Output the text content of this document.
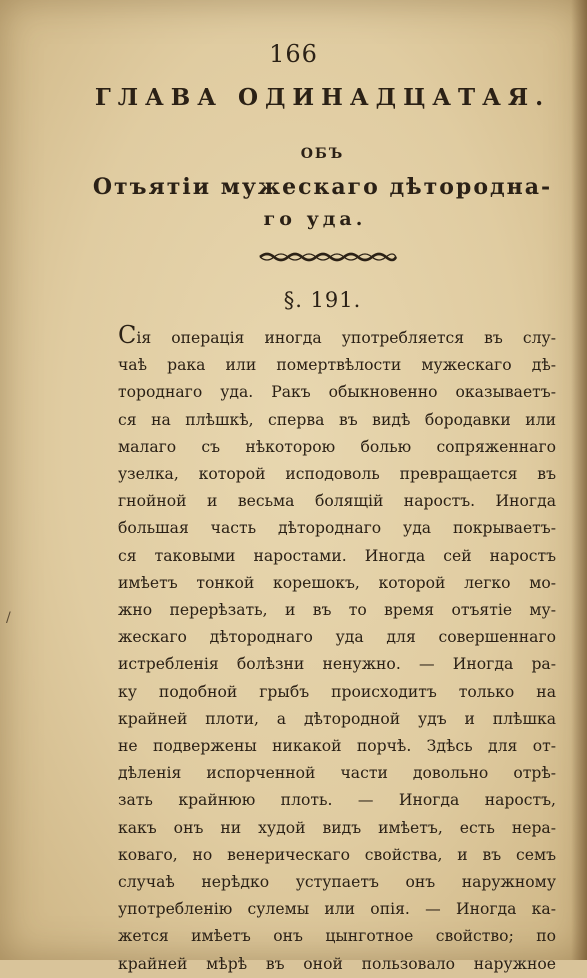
166
ГЛАВА ОДИНАДЦАТАЯ.
ОБЪ
Отъятіи мужескаго дѣтороднa-
го уда.
§. 191.
Сія операція иногда употребляется въ слу-
чаѣ рака или помертвѣлости мужескаго дѣ-
тороднаго уда. Ракъ обыкновенно оказываетъ-
ся на плѣшкѣ, сперва въ видѣ бородавки или
малаго съ нѣкоторою болью сопряженнаго
узелка, которой исподоволь превращается въ
гнойной и весьма болящій наростъ. Иногда
большая часть дѣтороднаго уда покрываетъ-
ся таковыми наростами. Иногда сей наростъ
имѣетъ тонкой корешокъ, которой легко мо-
жно перерѣзать, и въ то время отъятіе му-
жескаго дѣтороднаго уда для совершеннаго
истребленія болѣзни ненужно. — Иногда ра-
ку подобной грыбъ происходитъ только на
крайней плоти, а дѣтородной удъ и плѣшка
не подвержены никакой порчѣ. Здѣсь для от-
дѣленія испорченной части довольно отрѣ-
зать крайнюю плоть. — Иногда наростъ,
какъ онъ ни худой видъ имѣетъ, есть нера-
коваго, но венерическаго свойства, и въ семъ
случаѣ нерѣдко уступаетъ онъ наружному
употребленію сулемы или опія. — Иногда ка-
жется имѣетъ онъ цынготное свойство; по
крайней мѣрѣ въ оной пользовало наружное
/
